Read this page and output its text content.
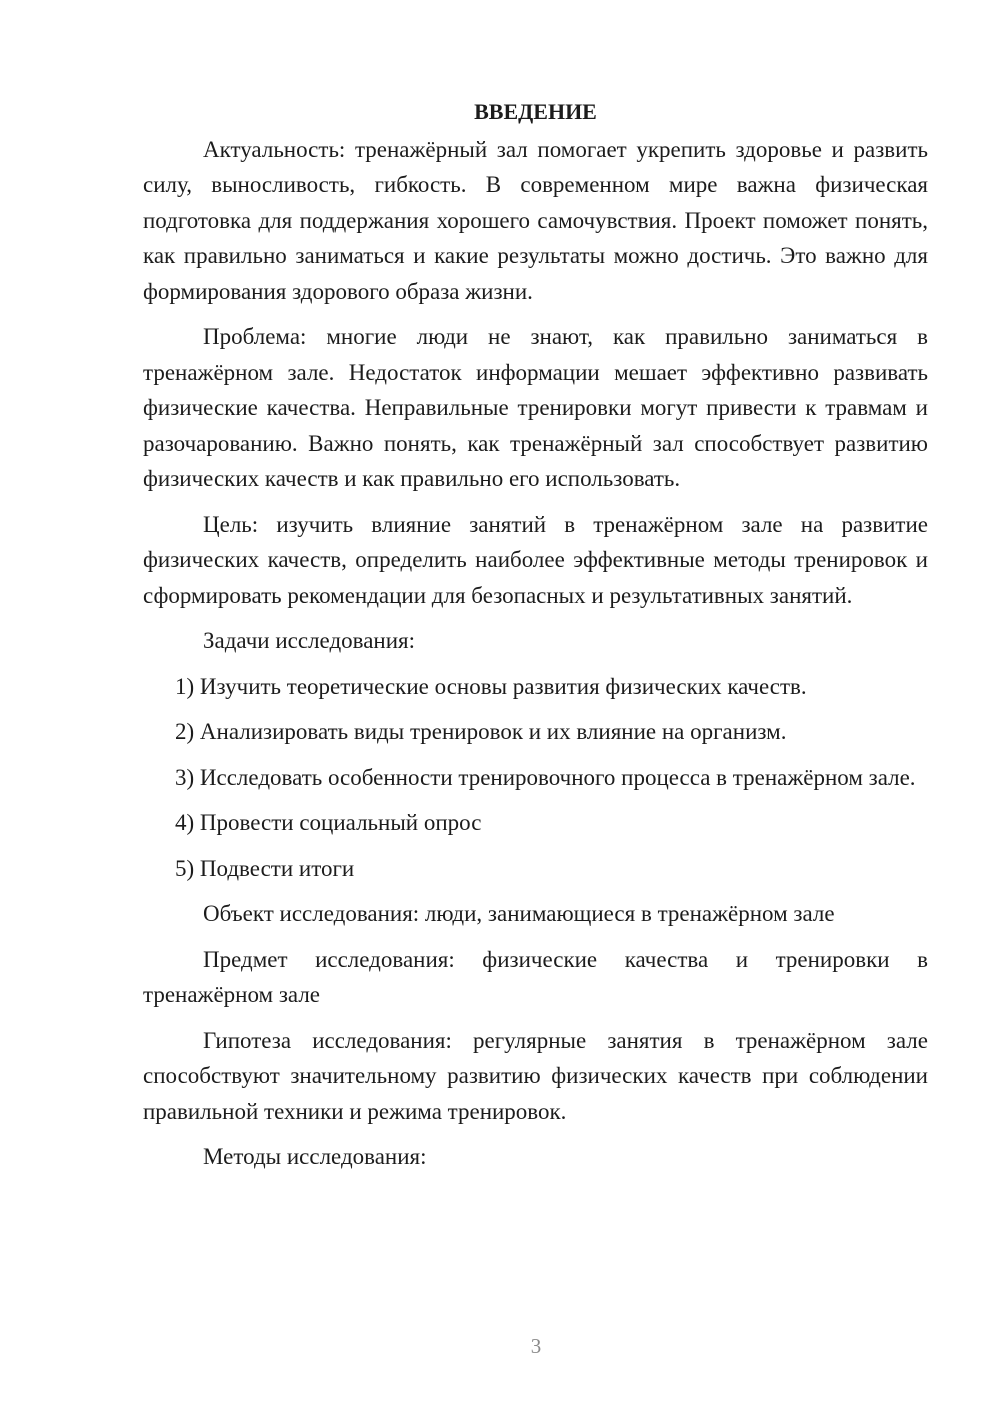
ВВЕДЕНИЕ
Актуальность: тренажёрный зал помогает укрепить здоровье и развить силу, выносливость, гибкость. В современном мире важна физическая подготовка для поддержания хорошего самочувствия. Проект поможет понять, как правильно заниматься и какие результаты можно достичь. Это важно для формирования здорового образа жизни.
Проблема: многие люди не знают, как правильно заниматься в тренажёрном зале. Недостаток информации мешает эффективно развивать физические качества. Неправильные тренировки могут привести к травмам и разочарованию. Важно понять, как тренажёрный зал способствует развитию физических качеств и как правильно его использовать.
Цель: изучить влияние занятий в тренажёрном зале на развитие физических качеств, определить наиболее эффективные методы тренировок и сформировать рекомендации для безопасных и результативных занятий.
Задачи исследования:
1) Изучить теоретические основы развития физических качеств.
2) Анализировать виды тренировок и их влияние на организм.
3) Исследовать особенности тренировочного процесса в тренажёрном зале.
4) Провести социальный опрос
5) Подвести итоги
Объект исследования: люди, занимающиеся в тренажёрном зале
Предмет исследования: физические качества и тренировки в тренажёрном зале
Гипотеза исследования: регулярные занятия в тренажёрном зале способствуют значительному развитию физических качеств при соблюдении правильной техники и режима тренировок.
Методы исследования:
3
